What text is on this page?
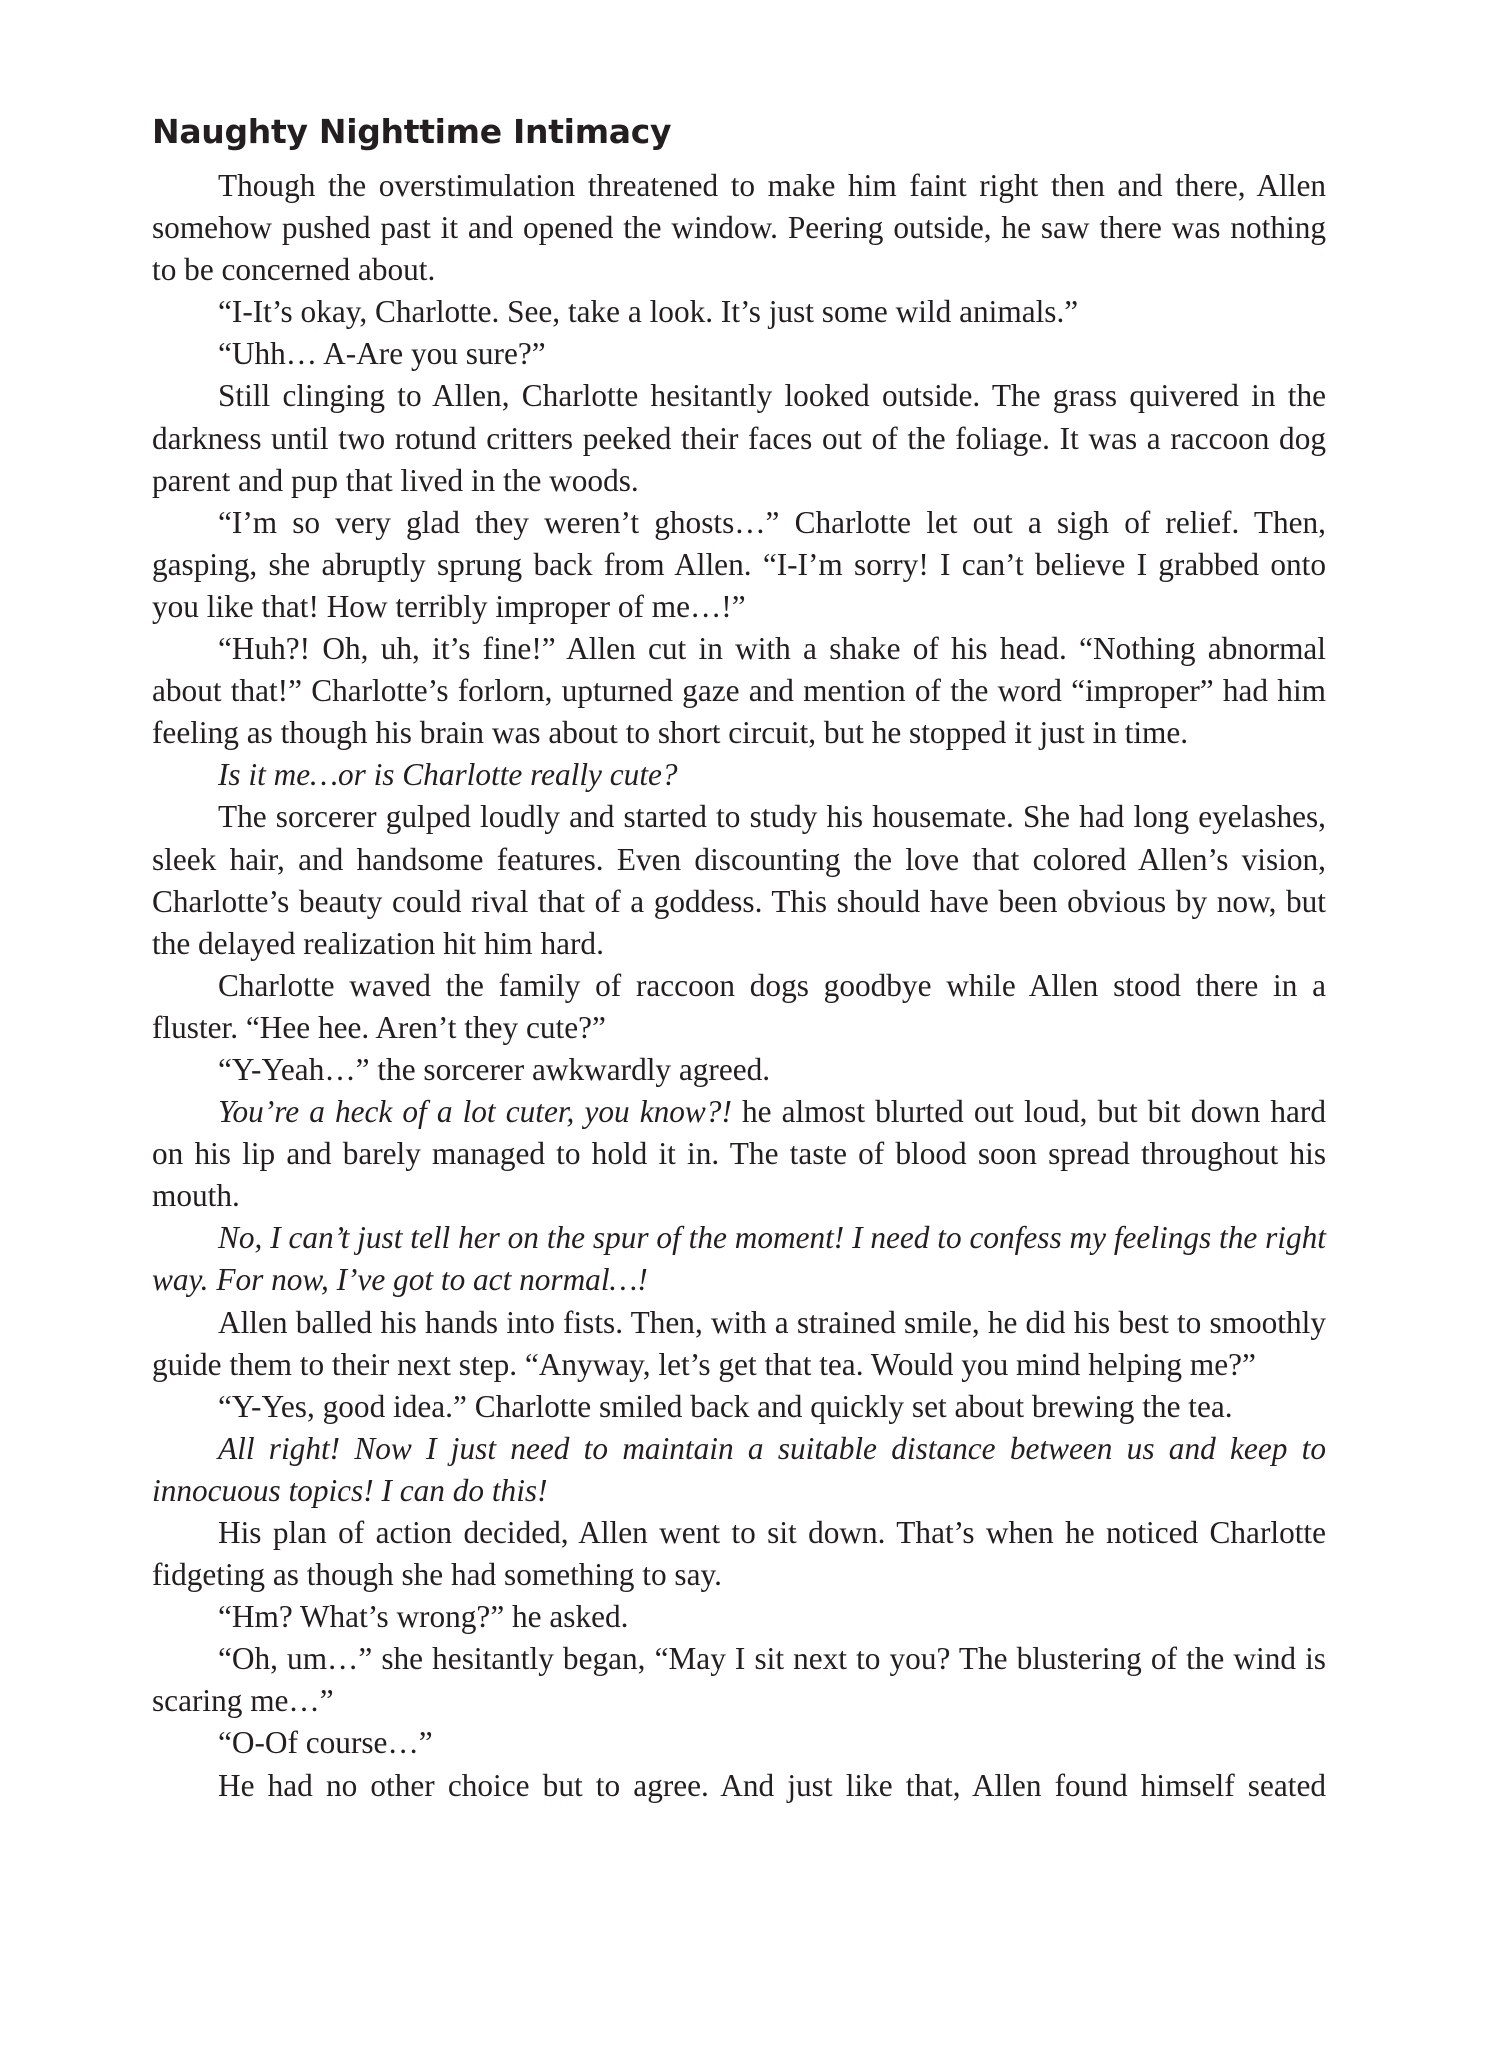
Naughty Nighttime Intimacy

Though the overstimulation threatened to make him faint right then and there, Allen somehow pushed past it and opened the window. Peering outside, he saw there was nothing to be concerned about.

“I-It’s okay, Charlotte. See, take a look. It’s just some wild animals.”

“Uhh… A-Are you sure?”

Still clinging to Allen, Charlotte hesitantly looked outside. The grass quivered in the darkness until two rotund critters peeked their faces out of the foliage. It was a raccoon dog parent and pup that lived in the woods.

“I’m so very glad they weren’t ghosts…” Charlotte let out a sigh of relief. Then, gasping, she abruptly sprung back from Allen. “I-I’m sorry! I can’t believe I grabbed onto you like that! How terribly improper of me…!”

“Huh?! Oh, uh, it’s fine!” Allen cut in with a shake of his head. “Nothing abnormal about that!” Charlotte’s forlorn, upturned gaze and mention of the word “improper” had him feeling as though his brain was about to short circuit, but he stopped it just in time.

Is it me…or is Charlotte really cute?

The sorcerer gulped loudly and started to study his housemate. She had long eyelashes, sleek hair, and handsome features. Even discounting the love that colored Allen’s vision, Charlotte’s beauty could rival that of a goddess. This should have been obvious by now, but the delayed realization hit him hard.

Charlotte waved the family of raccoon dogs goodbye while Allen stood there in a fluster. “Hee hee. Aren’t they cute?”

“Y-Yeah…” the sorcerer awkwardly agreed.

You’re a heck of a lot cuter, you know?! he almost blurted out loud, but bit down hard on his lip and barely managed to hold it in. The taste of blood soon spread throughout his mouth.

No, I can’t just tell her on the spur of the moment! I need to confess my feelings the right way. For now, I’ve got to act normal…!

Allen balled his hands into fists. Then, with a strained smile, he did his best to smoothly guide them to their next step. “Anyway, let’s get that tea. Would you mind helping me?”

“Y-Yes, good idea.” Charlotte smiled back and quickly set about brewing the tea.

All right! Now I just need to maintain a suitable distance between us and keep to innocuous topics! I can do this!

His plan of action decided, Allen went to sit down. That’s when he noticed Charlotte fidgeting as though she had something to say.

“Hm? What’s wrong?” he asked.

“Oh, um…” she hesitantly began, “May I sit next to you? The blustering of the wind is scaring me…”

“O-Of course…”

He had no other choice but to agree. And just like that, Allen found himself seated
